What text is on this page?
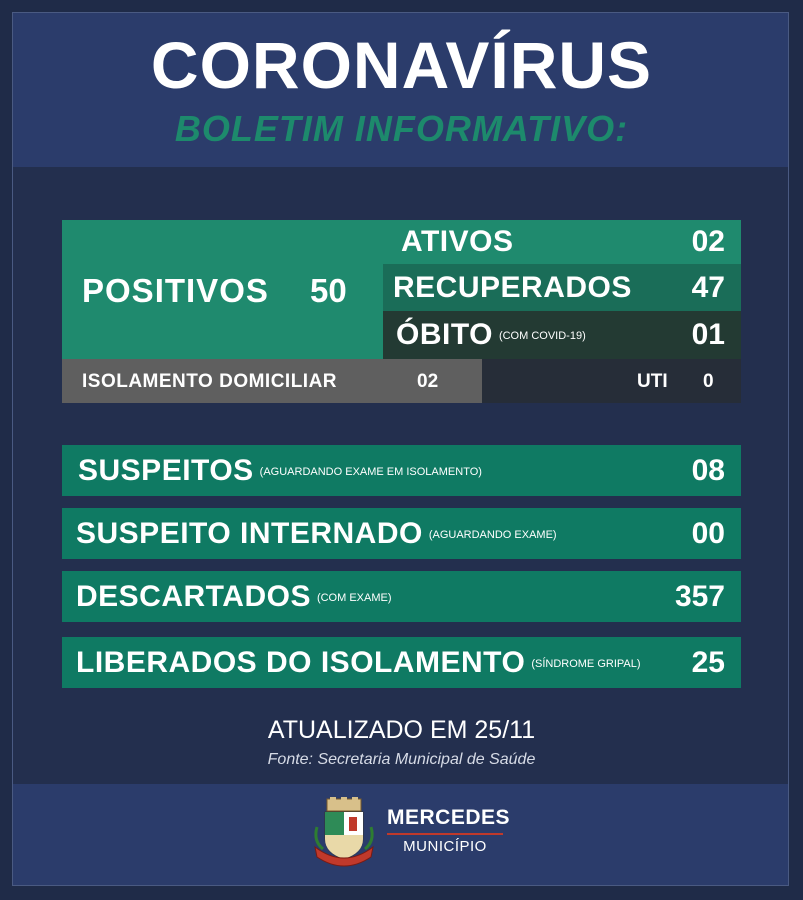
CORONAVÍRUS
BOLETIM INFORMATIVO:
POSITIVOS 50
ATIVOS	02
RECUPERADOS 47
ÓBITO (COM COVID-19)	01
ISOLAMENTO DOMICILIAR	02	UTI 0
SUSPEITOS (AGUARDANDO EXAME EM ISOLAMENTO)	08
SUSPEITO INTERNADO (AGUARDANDO EXAME)	00
DESCARTADOS (COM EXAME)	357
LIBERADOS DO ISOLAMENTO (SÍNDROME GRIPAL) 25
ATUALIZADO EM 25/11
Fonte: Secretaria Municipal de Saúde
MERCEDES
MUNICÍPIO
